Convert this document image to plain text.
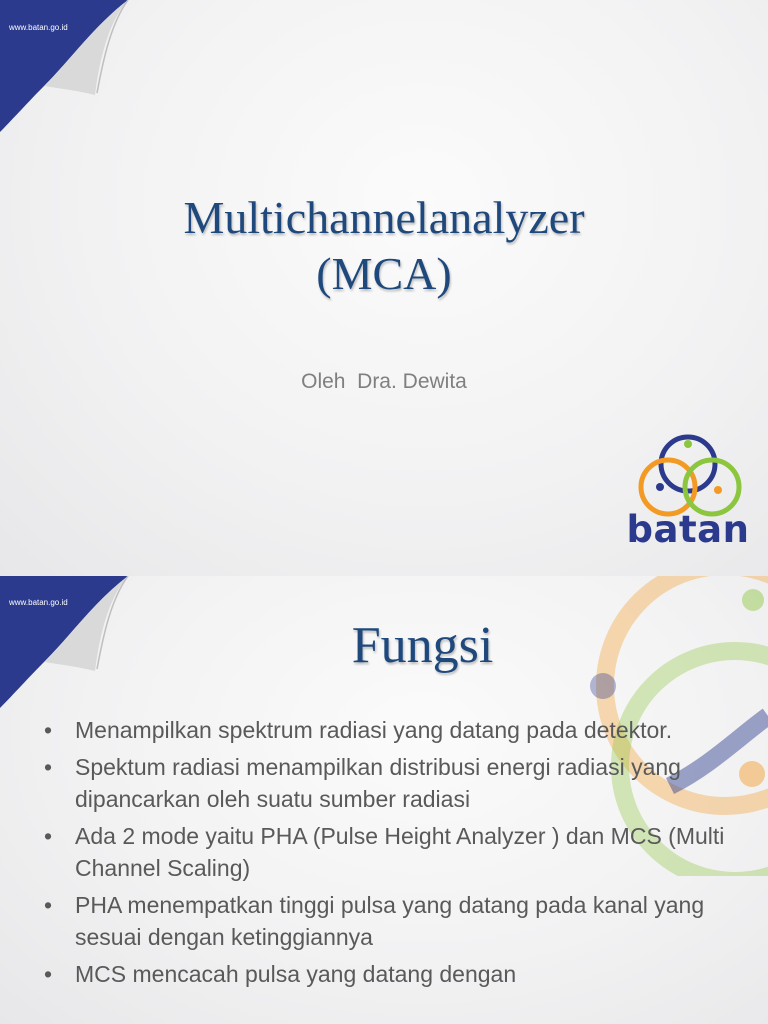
www.batan.go.id
Multichannelanalyzer
(MCA)
Oleh  Dra. Dewita
batan
www.batan.go.id
Fungsi
• Menampilkan spektrum radiasi yang datang pada detektor.
• Spektum radiasi menampilkan distribusi energi radiasi yang dipancarkan oleh suatu sumber radiasi
• Ada 2 mode yaitu PHA (Pulse Height Analyzer ) dan MCS (Multi Channel Scaling)
• PHA menempatkan tinggi pulsa yang datang pada kanal yang sesuai dengan ketinggiannya
• MCS mencacah pulsa yang datang dengan
